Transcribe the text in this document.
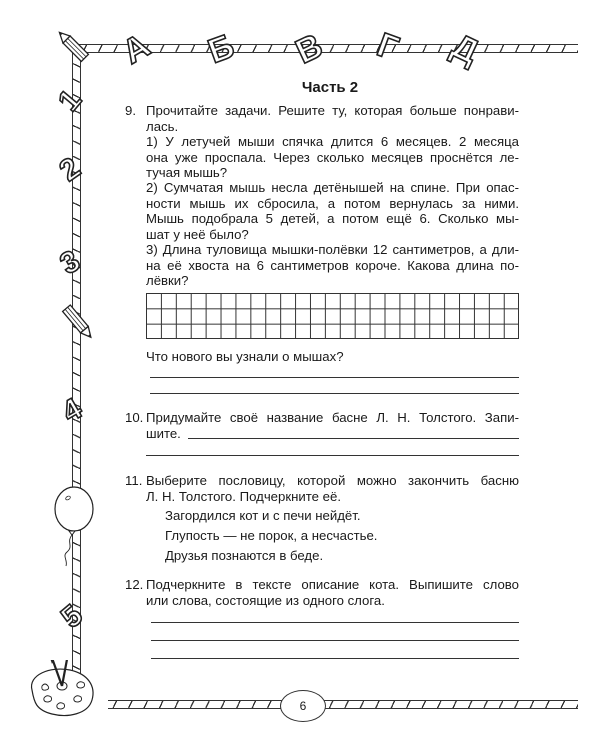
А Б В Г Д
1
2
3
4
5
Часть 2
9. Прочитайте задачи. Решите ту, которая больше понрави-
лась.
1) У летучей мыши спячка длится 6 месяцев. 2 месяца
она уже проспала. Через сколько месяцев проснётся ле-
тучая мышь?
2) Сумчатая мышь несла детёнышей на спине. При опас-
ности мышь их сбросила, а потом вернулась за ними.
Мышь подобрала 5 детей, а потом ещё 6. Сколько мы-
шат у неё было?
3) Длина туловища мышки-полёвки 12 сантиметров, а дли-
на её хвоста на 6 сантиметров короче. Какова длина по-
лёвки?
Что нового вы узнали о мышах?
10. Придумайте своё название басне Л. Н. Толстого. Запи-
шите.
11. Выберите пословицу, которой можно закончить басню
Л. Н. Толстого. Подчеркните её.
Загордился кот и с печи нейдёт.
Глупость — не порок, а несчастье.
Друзья познаются в беде.
12. Подчеркните в тексте описание кота. Выпишите слово
или слова, состоящие из одного слога.
6
